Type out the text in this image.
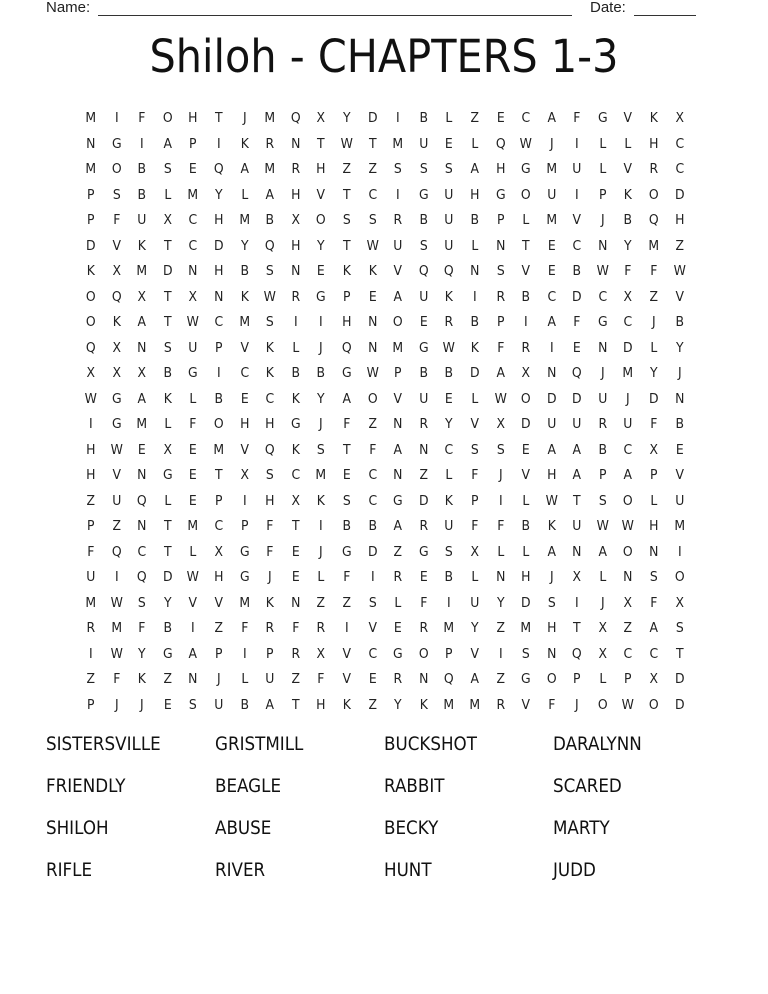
Name:	Date:
Shiloh - CHAPTERS 1-3
M	I	F	O	H	T	J	M	Q	X	Y	D	I	B	L	Z	E	C	A	F	G	V	K	X
N	G	I	A	P	I	K	R	N	T	W	T	M	U	E	L	Q	W	J	I	L	L	H	C
M	O	B	S	E	Q	A	M	R	H	Z	Z	S	S	S	A	H	G	M	U	L	V	R	C
P	S	B	L	M	Y	L	A	H	V	T	C	I	G	U	H	G	O	U	I	P	K	O	D
P	F	U	X	C	H	M	B	X	O	S	S	R	B	U	B	P	L	M	V	J	B	Q	H
D	V	K	T	C	D	Y	Q	H	Y	T	W	U	S	U	L	N	T	E	C	N	Y	M	Z
K	X	M	D	N	H	B	S	N	E	K	K	V	Q	Q	N	S	V	E	B	W	F	F	W
O	Q	X	T	X	N	K	W	R	G	P	E	A	U	K	I	R	B	C	D	C	X	Z	V
O	K	A	T	W	C	M	S	I	I	H	N	O	E	R	B	P	I	A	F	G	C	J	B
Q	X	N	S	U	P	V	K	L	J	Q	N	M	G	W	K	F	R	I	E	N	D	L	Y
X	X	X	B	G	I	C	K	B	B	G	W	P	B	B	D	A	X	N	Q	J	M	Y	J
W	G	A	K	L	B	E	C	K	Y	A	O	V	U	E	L	W	O	D	D	U	J	D	N
I	G	M	L	F	O	H	H	G	J	F	Z	N	R	Y	V	X	D	U	U	R	U	F	B
H	W	E	X	E	M	V	Q	K	S	T	F	A	N	C	S	S	E	A	A	B	C	X	E
H	V	N	G	E	T	X	S	C	M	E	C	N	Z	L	F	J	V	H	A	P	A	P	V
Z	U	Q	L	E	P	I	H	X	K	S	C	G	D	K	P	I	L	W	T	S	O	L	U
P	Z	N	T	M	C	P	F	T	I	B	B	A	R	U	F	F	B	K	U	W W	H	M
F	Q	C	T	L	X	G	F	E	J	G	D	Z	G	S	X	L	L	A	N	A	O	N	I
U	I	Q	D	W	H	G	J	E	L	F	I	R	E	B	L	N	H	J	X	L	N	S	O
M	W	S	Y	V	V	M	K	N	Z	Z	S	L	F	I	U	Y	D	S	I	J	X	F	X
R	M	F	B	I	Z	F	R	F	R	I	V	E	R	M	Y	Z	M	H	T	X	Z	A	S
I	W	Y	G	A	P	I	P	R	X	V	C	G	O	P	V	I	S	N	Q	X	C	C	T
Z	F	K	Z	N	J	L	U	Z	F	V	E	R	N	Q	A	Z	G	O	P	L	P	X	D
P	J	J	E	S	U	B	A	T	H	K	Z	Y	K	M	M	R	V	F	J	O	W	O	D
SISTERSVILLE	GRISTMILL	BUCKSHOT	DARALYNN
FRIENDLY	BEAGLE	RABBIT	SCARED
SHILOH	ABUSE	BECKY	MARTY
RIFLE	RIVER	HUNT	JUDD
